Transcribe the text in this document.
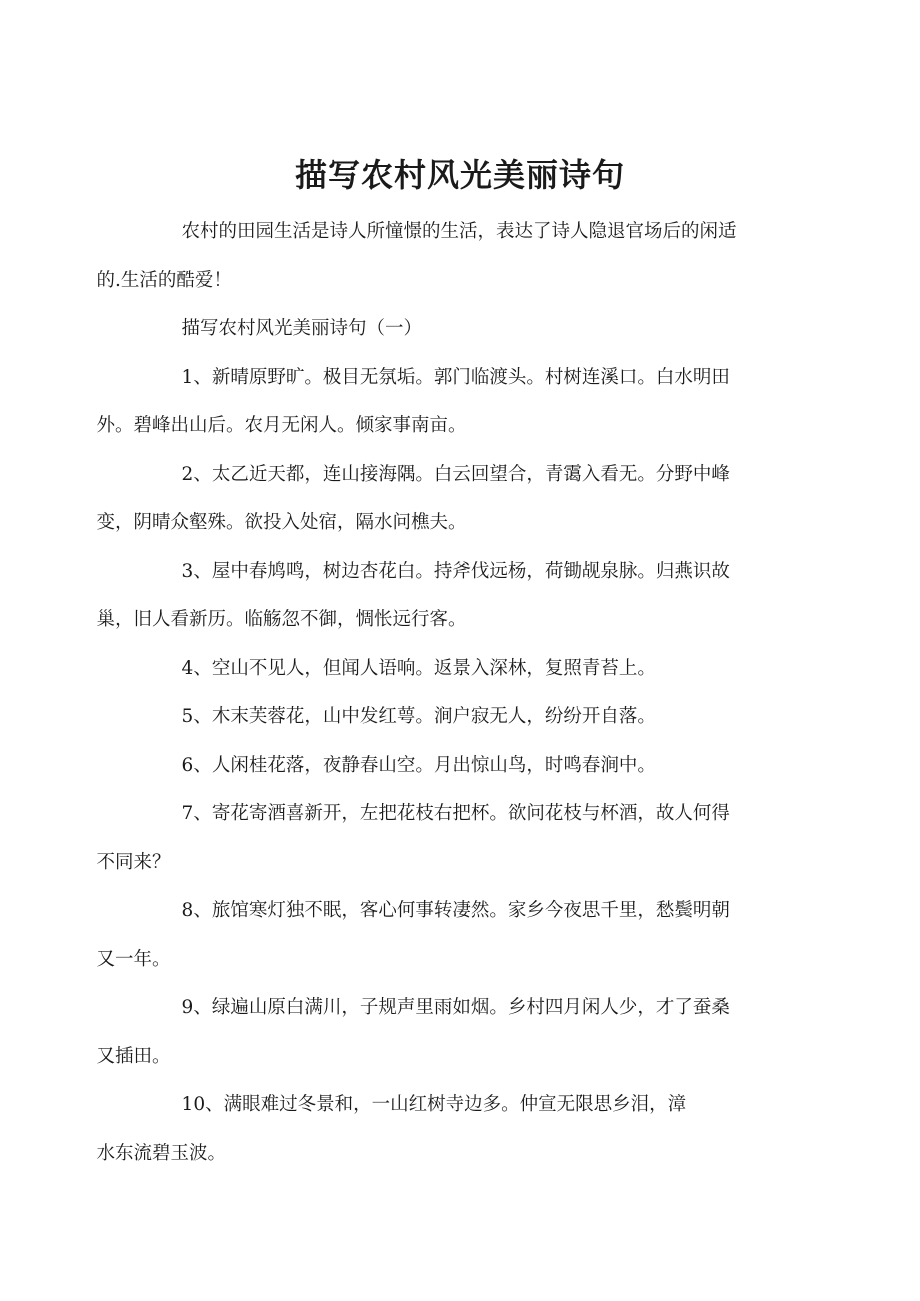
描写农村风光美丽诗句

农村的田园生活是诗人所憧憬的生活，表达了诗人隐退官场后的闲适
的.生活的酷爱！

描写农村风光美丽诗句（一）

1、新晴原野旷。极目无氛垢。郭门临渡头。村树连溪口。白水明田
外。碧峰出山后。农月无闲人。倾家事南亩。

2、太乙近天都，连山接海隅。白云回望合，青霭入看无。分野中峰
变，阴晴众壑殊。欲投入处宿，隔水问樵夫。

3、屋中春鸠鸣，树边杏花白。持斧伐远杨，荷锄觇泉脉。归燕识故
巢，旧人看新历。临觞忽不御，惆怅远行客。

4、空山不见人，但闻人语响。返景入深林，复照青苔上。

5、木末芙蓉花，山中发红萼。涧户寂无人，纷纷开自落。

6、人闲桂花落，夜静春山空。月出惊山鸟，时鸣春涧中。

7、寄花寄酒喜新开，左把花枝右把杯。欲问花枝与杯酒，故人何得
不同来？

8、旅馆寒灯独不眠，客心何事转凄然。家乡今夜思千里，愁鬓明朝
又一年。

9、绿遍山原白满川，子规声里雨如烟。乡村四月闲人少，才了蚕桑
又插田。

10、满眼难过冬景和，一山红树寺边多。仲宣无限思乡泪，漳
水东流碧玉波。
